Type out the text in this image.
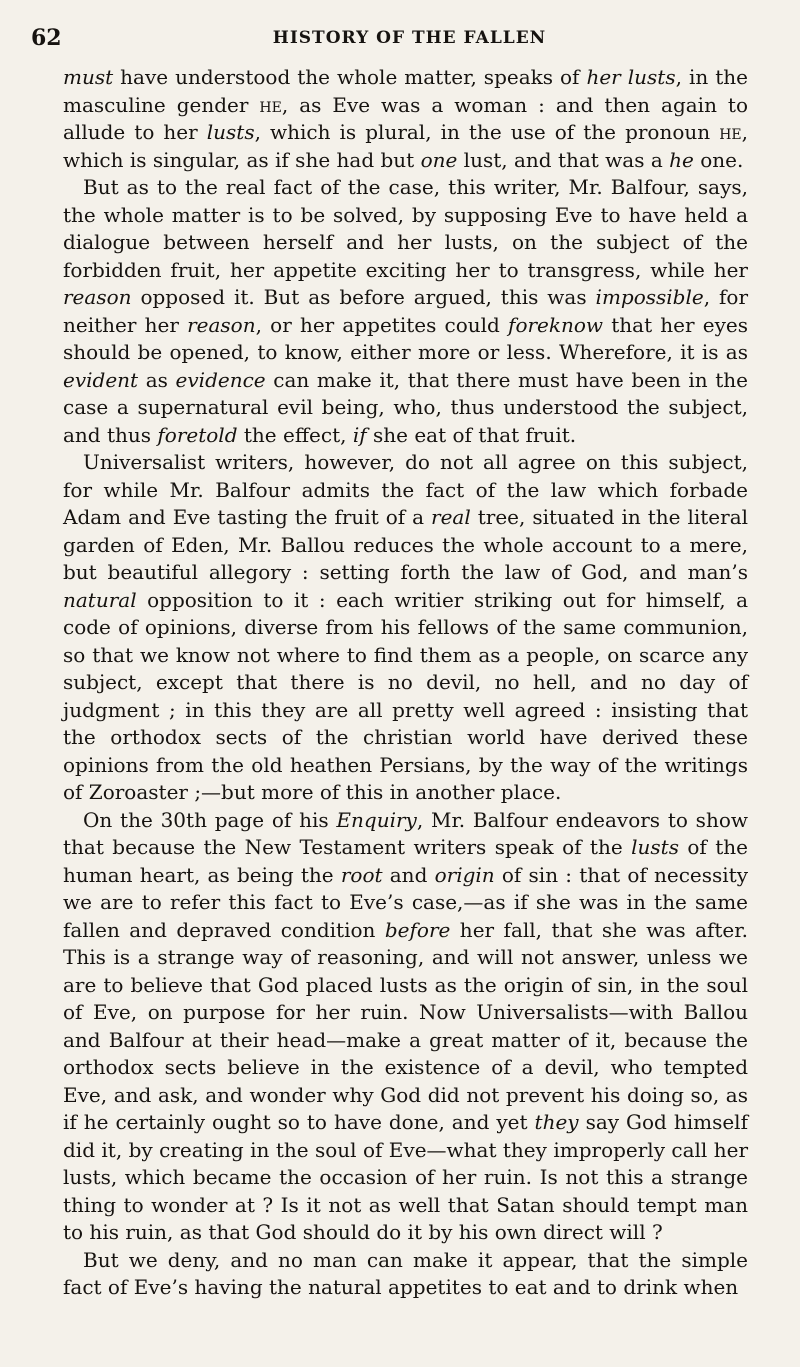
62	HISTORY OF THE FALLEN

must have understood the whole matter, speaks of her lusts, in the masculine gender he, as Eve was a woman : and then again to allude to her lusts, which is plural, in the use of the pronoun he, which is singular, as if she had but one lust, and that was a he one.

But as to the real fact of the case, this writer, Mr. Balfour, says, the whole matter is to be solved, by supposing Eve to have held a dialogue between herself and her lusts, on the subject of the forbidden fruit, her appetite exciting her to transgress, while her reason opposed it. But as before argued, this was impossible, for neither her reason, or her appetites could foreknow that her eyes should be opened, to know, either more or less. Wherefore, it is as evident as evidence can make it, that there must have been in the case a supernatural evil being, who, thus understood the subject, and thus foretold the effect, if she eat of that fruit.

Universalist writers, however, do not all agree on this subject, for while Mr. Balfour admits the fact of the law which forbade Adam and Eve tasting the fruit of a real tree, situated in the literal garden of Eden, Mr. Ballou reduces the whole account to a mere, but beautiful allegory : setting forth the law of God, and man’s natural opposition to it : each writier striking out for himself, a code of opinions, diverse from his fellows of the same communion, so that we know not where to find them as a people, on scarce any subject, except that there is no devil, no hell, and no day of judgment ; in this they are all pretty well agreed : insisting that the orthodox sects of the christian world have derived these opinions from the old heathen Persians, by the way of the writings of Zoroaster ;—but more of this in another place.

On the 30th page of his Enquiry, Mr. Balfour endeavors to show that because the New Testament writers speak of the lusts of the human heart, as being the root and origin of sin : that of necessity we are to refer this fact to Eve’s case,—as if she was in the same fallen and depraved condition before her fall, that she was after. This is a strange way of reasoning, and will not answer, unless we are to believe that God placed lusts as the origin of sin, in the soul of Eve, on purpose for her ruin. Now Universalists—with Ballou and Balfour at their head—make a great matter of it, because the orthodox sects believe in the existence of a devil, who tempted Eve, and ask, and wonder why God did not prevent his doing so, as if he certainly ought so to have done, and yet they say God himself did it, by creating in the soul of Eve—what they improperly call her lusts, which became the occasion of her ruin. Is not this a strange thing to wonder at ? Is it not as well that Satan should tempt man to his ruin, as that God should do it by his own direct will ?

But we deny, and no man can make it appear, that the simple fact of Eve’s having the natural appetites to eat and to drink when
